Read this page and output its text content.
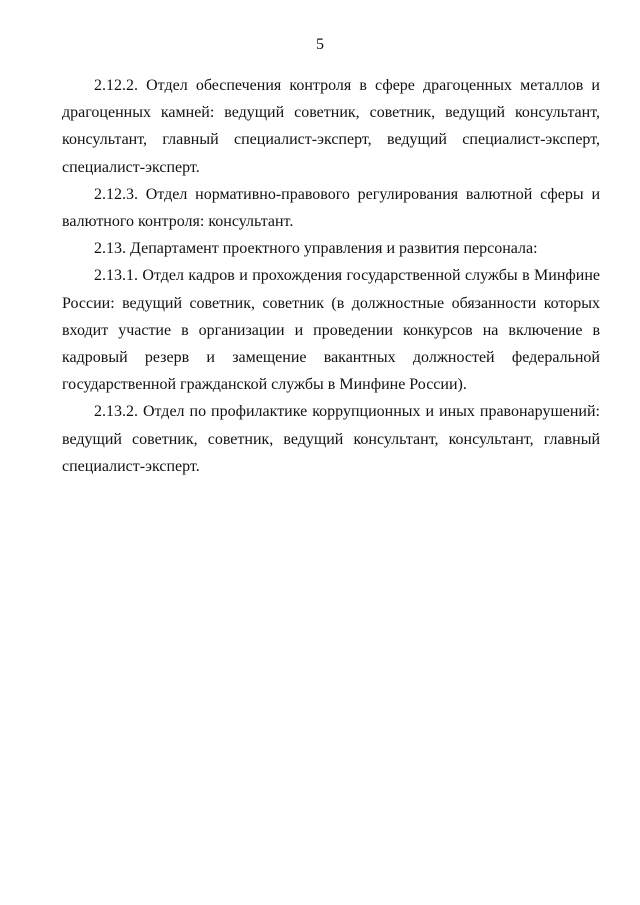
5

2.12.2. Отдел обеспечения контроля в сфере драгоценных металлов и драгоценных камней: ведущий советник, советник, ведущий консультант, консультант, главный специалист-эксперт, ведущий специалист-эксперт, специалист-эксперт.

2.12.3. Отдел нормативно-правового регулирования валютной сферы и валютного контроля: консультант.

2.13. Департамент проектного управления и развития персонала:

2.13.1. Отдел кадров и прохождения государственной службы в Минфине России: ведущий советник, советник (в должностные обязанности которых входит участие в организации и проведении конкурсов на включение в кадровый резерв и замещение вакантных должностей федеральной государственной гражданской службы в Минфине России).

2.13.2. Отдел по профилактике коррупционных и иных правонарушений: ведущий советник, советник, ведущий консультант, консультант, главный специалист-эксперт.
